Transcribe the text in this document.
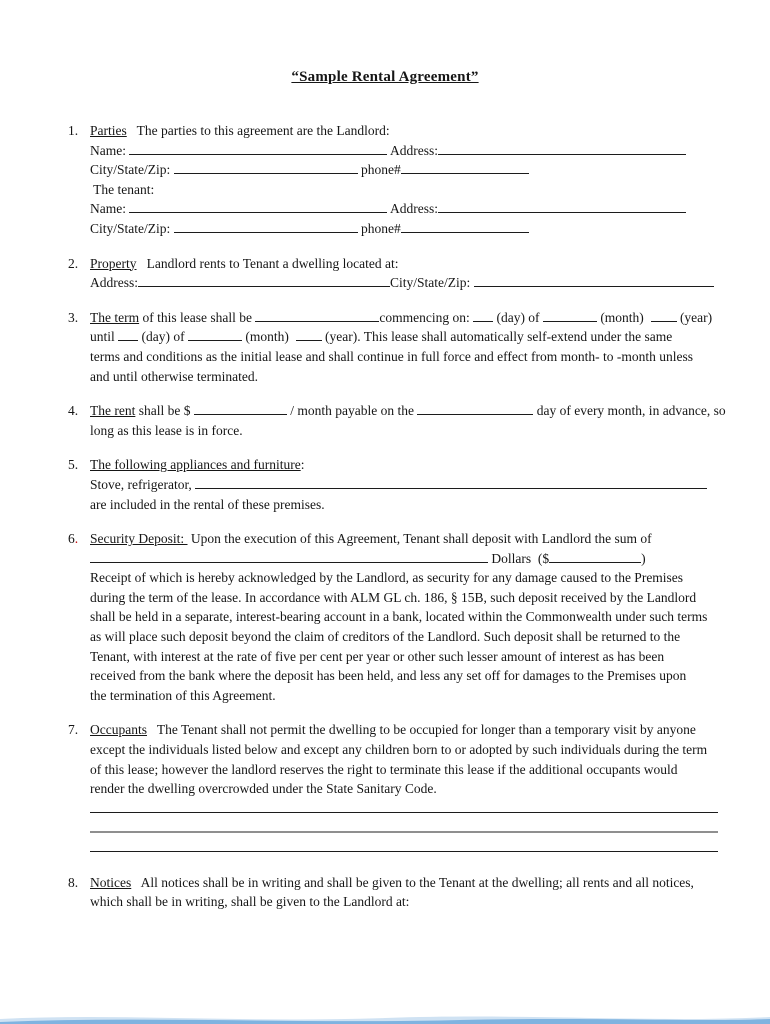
“Sample Rental Agreement”
1. Parties   The parties to this agreement are the Landlord:
Name:	Address:
City/State/Zip:	phone#
The tenant:
Name:	Address:
City/State/Zip:	phone#
2. Property   Landlord rents to Tenant a dwelling located at:
Address:	City/State/Zip:
3. The term of this lease shall be	commencing on:  (day) of	(month)   (year)
until  (day) of	(month)   (year). This lease shall automatically self-extend under the same
terms and conditions as the initial lease and shall continue in full force and effect from month- to -month unless
and until otherwise terminated.
4. The rent shall be $	/ month payable on the	day of every month, in advance, so
long as this lease is in force.
5. The following appliances and furniture:
Stove, refrigerator,
are included in the rental of these premises.
6. Security Deposit:  Upon the execution of this Agreement, Tenant shall deposit with Landlord the sum of
Dollars  ($	)
Receipt of which is hereby acknowledged by the Landlord, as security for any damage caused to the Premises
during the term of the lease. In accordance with ALM GL ch. 186, § 15B, such deposit received by the Landlord
shall be held in a separate, interest-bearing account in a bank, located within the Commonwealth under such terms
as will place such deposit beyond the claim of creditors of the Landlord. Such deposit shall be returned to the
Tenant, with interest at the rate of five per cent per year or other such lesser amount of interest as has been
received from the bank where the deposit has been held, and less any set off for damages to the Premises upon
the termination of this Agreement.
7. Occupants   The Tenant shall not permit the dwelling to be occupied for longer than a temporary visit by anyone
except the individuals listed below and except any children born to or adopted by such individuals during the term
of this lease; however the landlord reserves the right to terminate this lease if the additional occupants would
render the dwelling overcrowded under the State Sanitary Code.
8. Notices   All notices shall be in writing and shall be given to the Tenant at the dwelling; all rents and all notices,
which shall be in writing, shall be given to the Landlord at:
